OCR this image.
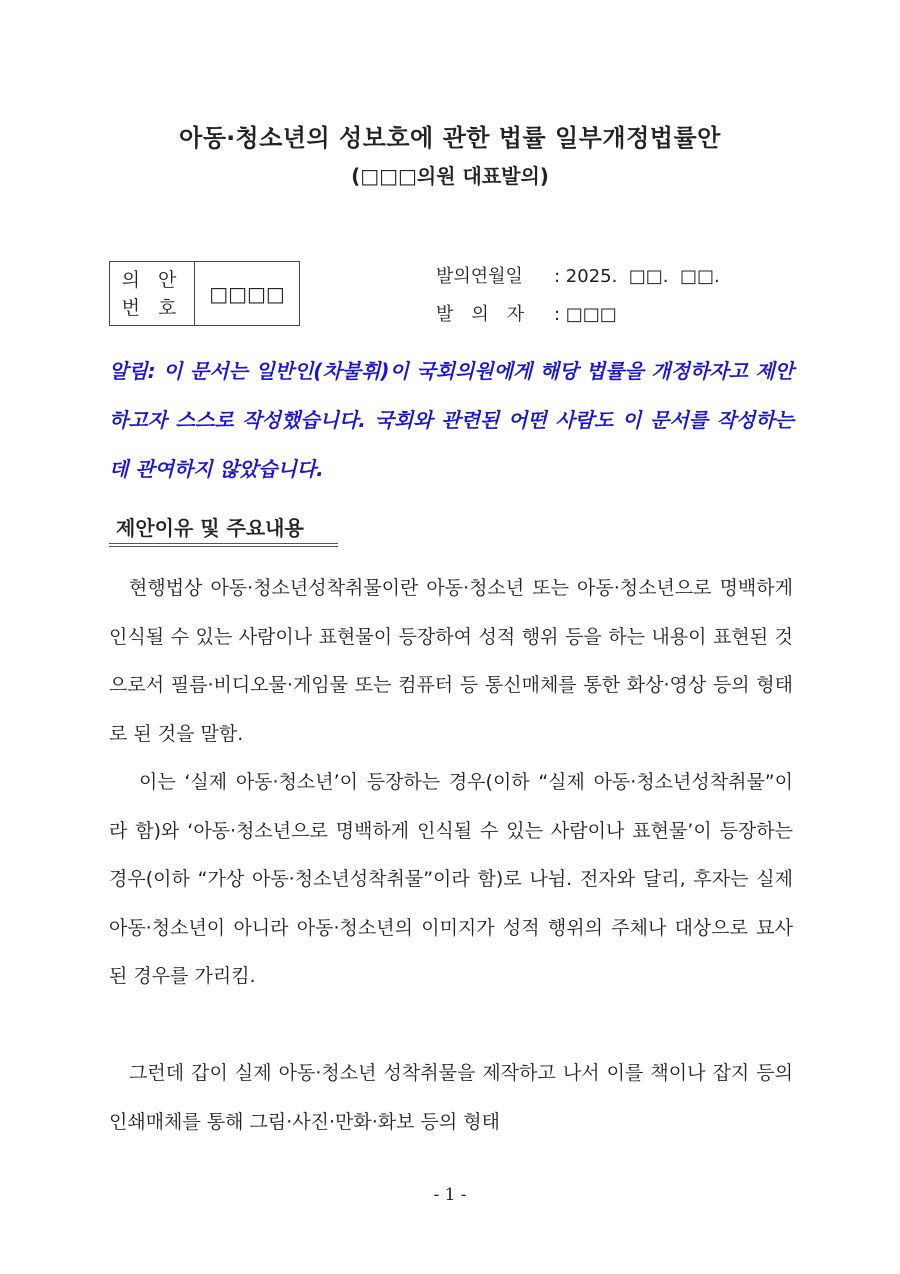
아동‧청소년의 성보호에 관한 법률 일부개정법률안
(□□□의원 대표발의)
의 안
번 호
□□□□
발의연월일 : 2025.  □□.  □□.
발의자 : □□□
알림: 이 문서는 일반인(차불휘)이 국회의원에게 해당 법률을 개정하자고 제안하고자 스스로 작성했습니다. 국회와 관련된 어떤 사람도 이 문서를 작성하는 데 관여하지 않았습니다.
제안이유 및 주요내용
현행법상 아동‧청소년성착취물이란 아동‧청소년 또는 아동‧청소년으로 명백하게 인식될 수 있는 사람이나 표현물이 등장하여 성적 행위 등을 하는 내용이 표현된 것으로서 필름‧비디오물‧게임물 또는 컴퓨터 등 통신매체를 통한 화상‧영상 등의 형태로 된 것을 말함.
이는 ‘실제 아동‧청소년’이 등장하는 경우(이하 “실제 아동‧청소년성착취물”이라 함)와 ‘아동‧청소년으로 명백하게 인식될 수 있는 사람이나 표현물’이 등장하는 경우(이하 “가상 아동‧청소년성착취물”이라 함)로 나뉨. 전자와 달리, 후자는 실제 아동‧청소년이 아니라 아동‧청소년의 이미지가 성적 행위의 주체나 대상으로 묘사된 경우를 가리킴.
그런데 갑이 실제 아동‧청소년 성착취물을 제작하고 나서 이를 책이나 잡지 등의 인쇄매체를 통해 그림‧사진‧만화‧화보 등의 형태
- 1 -
